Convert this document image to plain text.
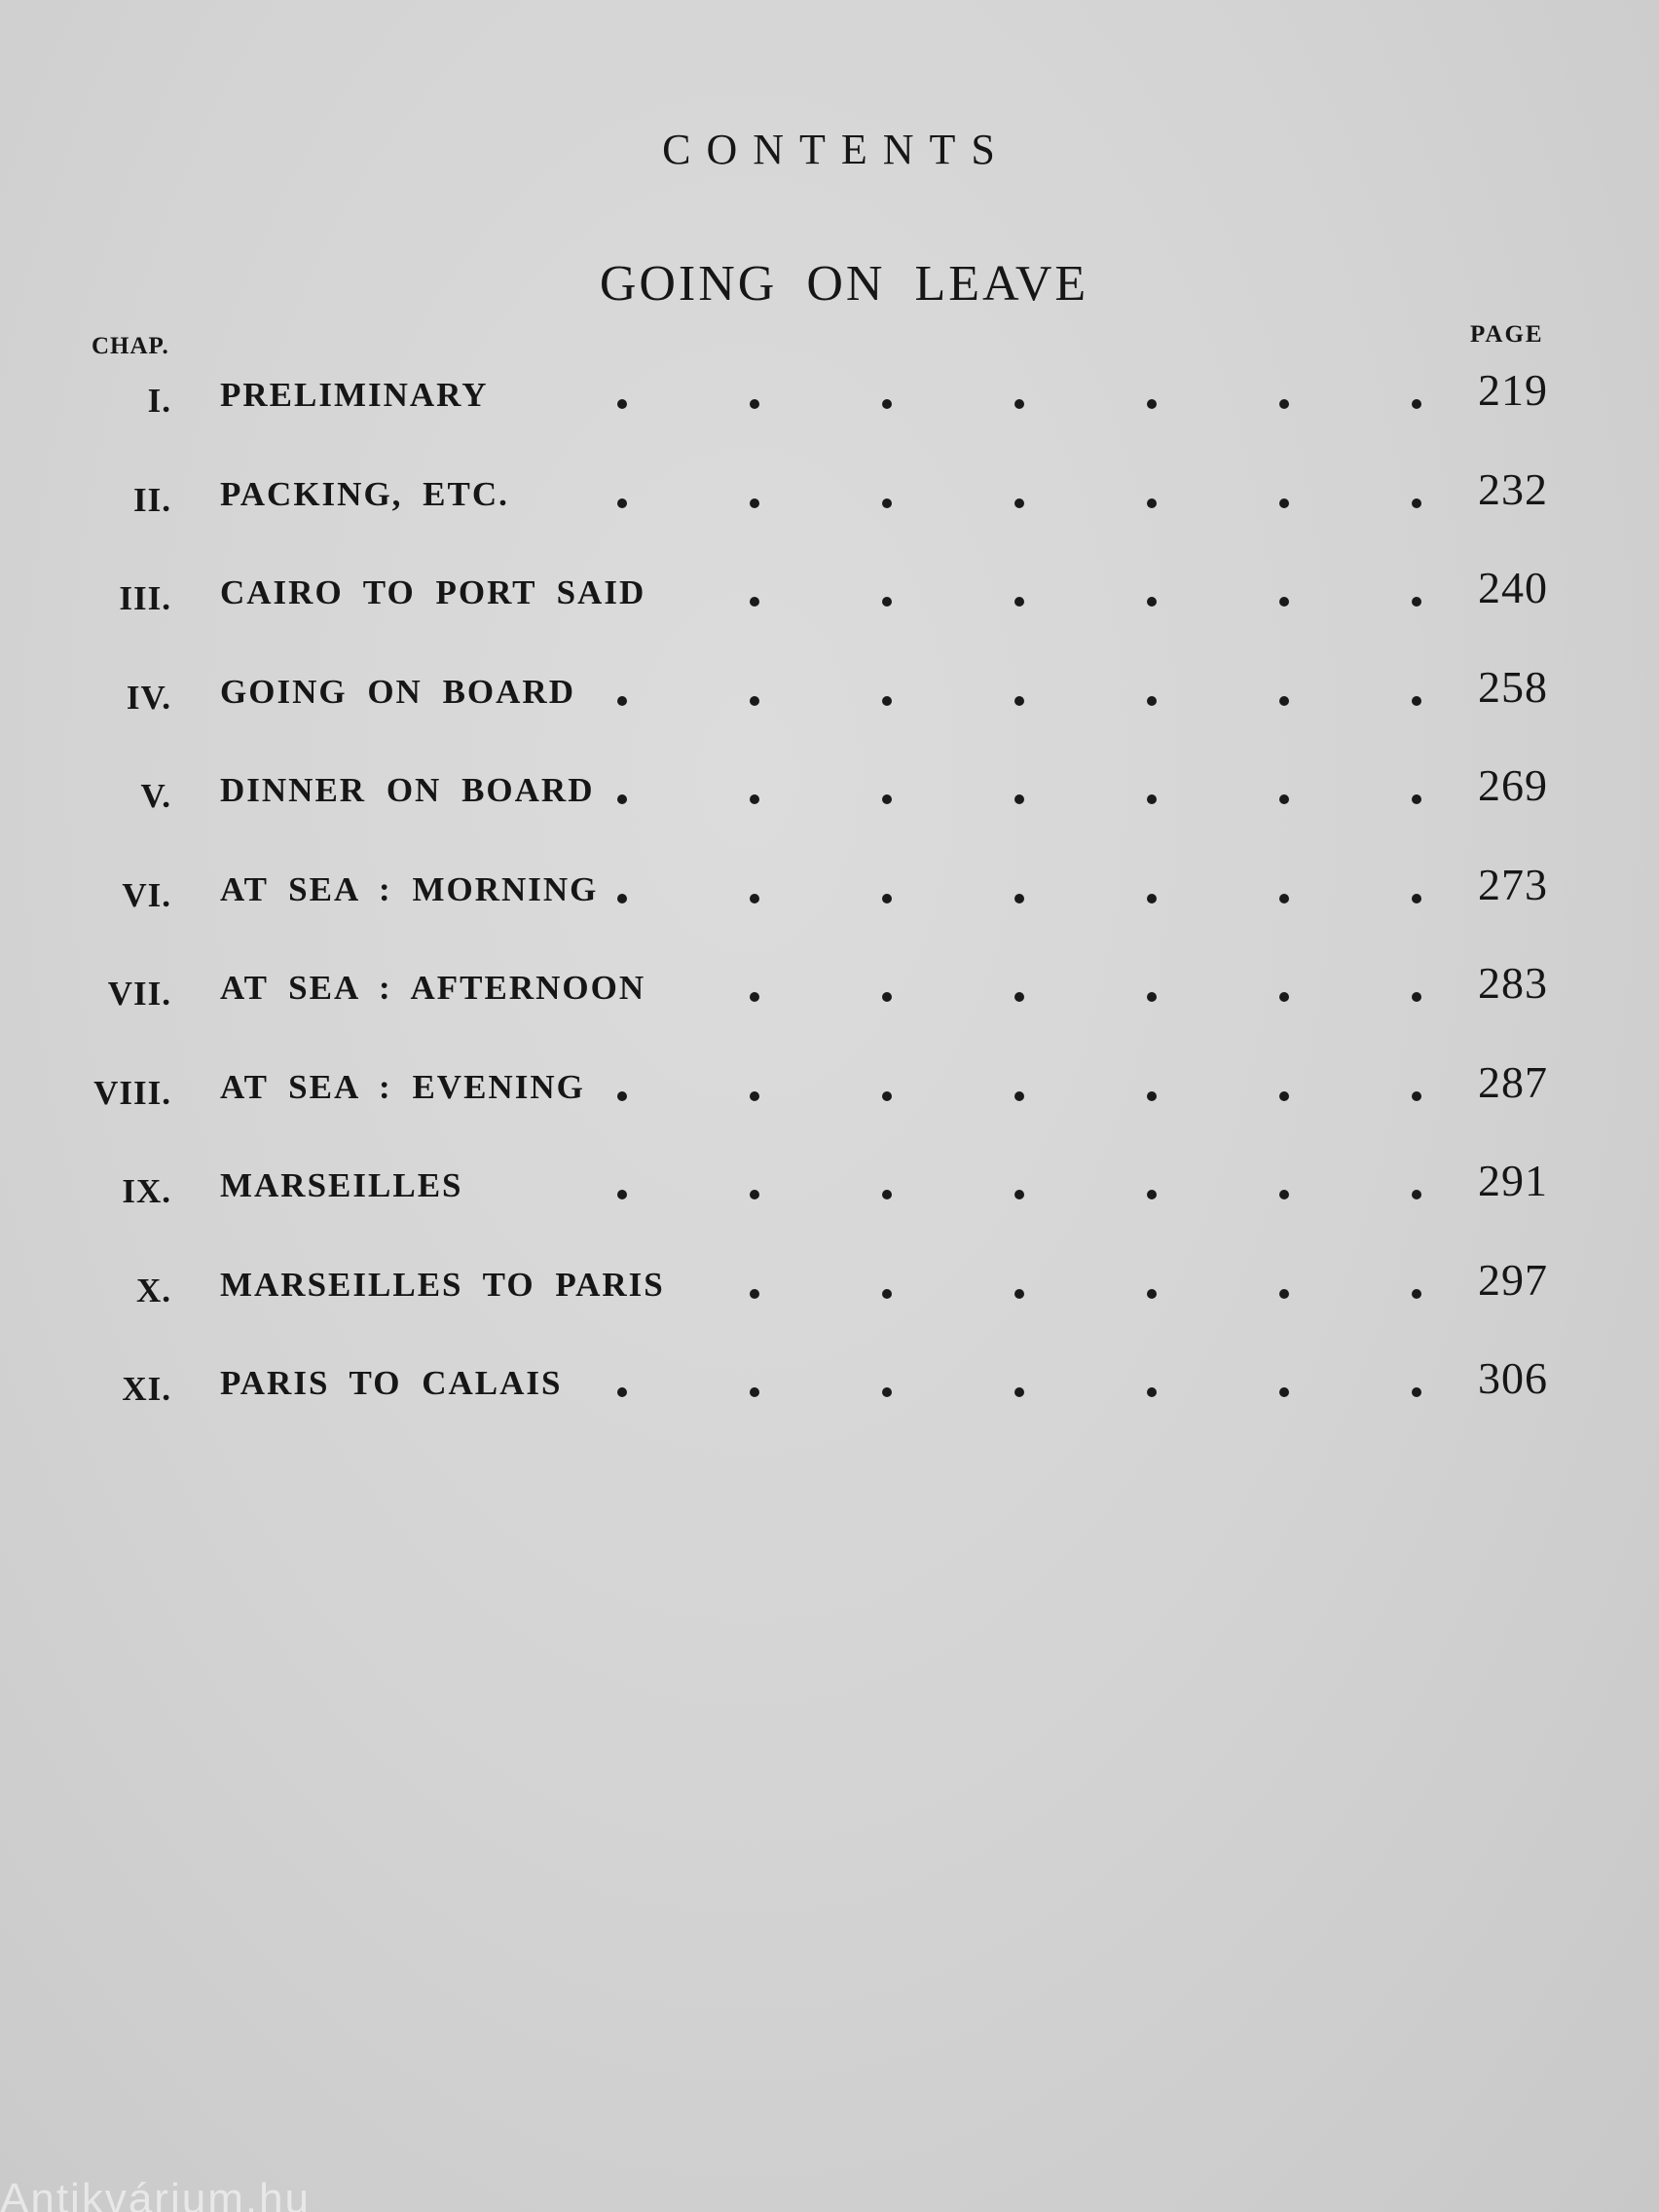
CONTENTS
GOING ON LEAVE
CHAP.	PAGE
I. PRELIMINARY	219
II. PACKING, ETC.	232
III. CAIRO TO PORT SAID	240
IV. GOING ON BOARD	258
V. DINNER ON BOARD	269
VI. AT SEA : MORNING	273
VII. AT SEA : AFTERNOON	283
VIII. AT SEA : EVENING	287
IX. MARSEILLES	291
X. MARSEILLES TO PARIS	297
XI. PARIS TO CALAIS	306
Antikvárium.hu
